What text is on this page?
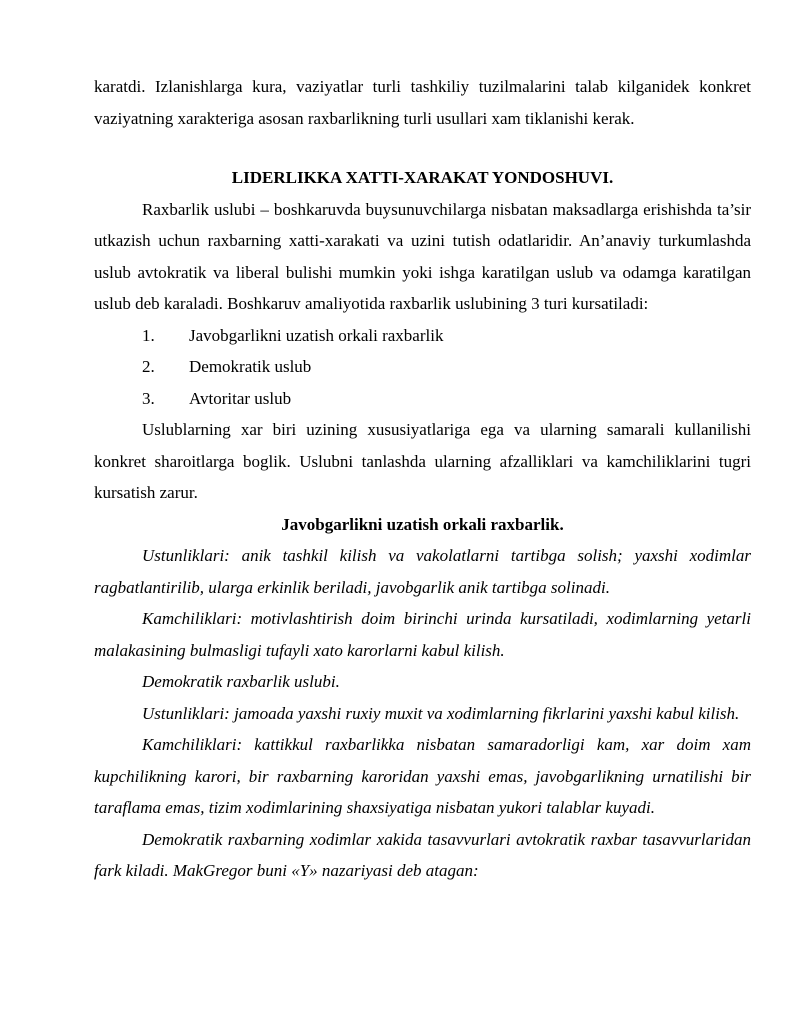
karatdi. Izlanishlarga kura, vaziyatlar turli tashkiliy tuzilmalarini talab kilganidek konkret vaziyatning xarakteriga asosan raxbarlikning turli usullari xam tiklanishi kerak.

LIDERLIKKA XATTI-XARAKAT YONDOSHUVI.

Raxbarlik uslubi – boshkaruvda buysunuvchilarga nisbatan maksadlarga erishishda ta’sir utkazish uchun raxbarning xatti-xarakati va uzini tutish odatlaridir. An’anaviy turkumlashda uslub avtokratik va liberal bulishi mumkin yoki ishga karatilgan uslub va odamga karatilgan uslub deb karaladi. Boshkaruv amaliyotida raxbarlik uslubining 3 turi kursatiladi:

1.	Javobgarlikni uzatish orkali raxbarlik
2.	Demokratik uslub
3.	Avtoritar uslub

Uslublarning xar biri uzining xususiyatlariga ega va ularning samarali kullanilishi konkret sharoitlarga boglik. Uslubni tanlashda ularning afzalliklari va kamchiliklarini tugri kursatish zarur.

Javobgarlikni uzatish orkali raxbarlik.

Ustunliklari: anik tashkil kilish va vakolatlarni tartibga solish; yaxshi xodimlar ragbatlantirilib, ularga erkinlik beriladi, javobgarlik anik tartibga solinadi.

Kamchiliklari: motivlashtirish doim birinchi urinda kursatiladi, xodimlarning yetarli malakasining bulmasligi tufayli xato karorlarni kabul kilish.

Demokratik raxbarlik uslubi.

Ustunliklari: jamoada yaxshi ruxiy muxit va xodimlarning fikrlarini yaxshi kabul kilish.

Kamchiliklari: kattikkul raxbarlikka nisbatan samaradorligi kam, xar doim xam kupchilikning karori, bir raxbarning karoridan yaxshi emas, javobgarlikning urnatilishi bir taraflama emas, tizim xodimlarining shaxsiyatiga nisbatan yukori talablar kuyadi.

Demokratik raxbarning xodimlar xakida tasavvurlari avtokratik raxbar tasavvurlaridan fark kiladi. MakGregor buni «Y» nazariyasi deb atagan:
